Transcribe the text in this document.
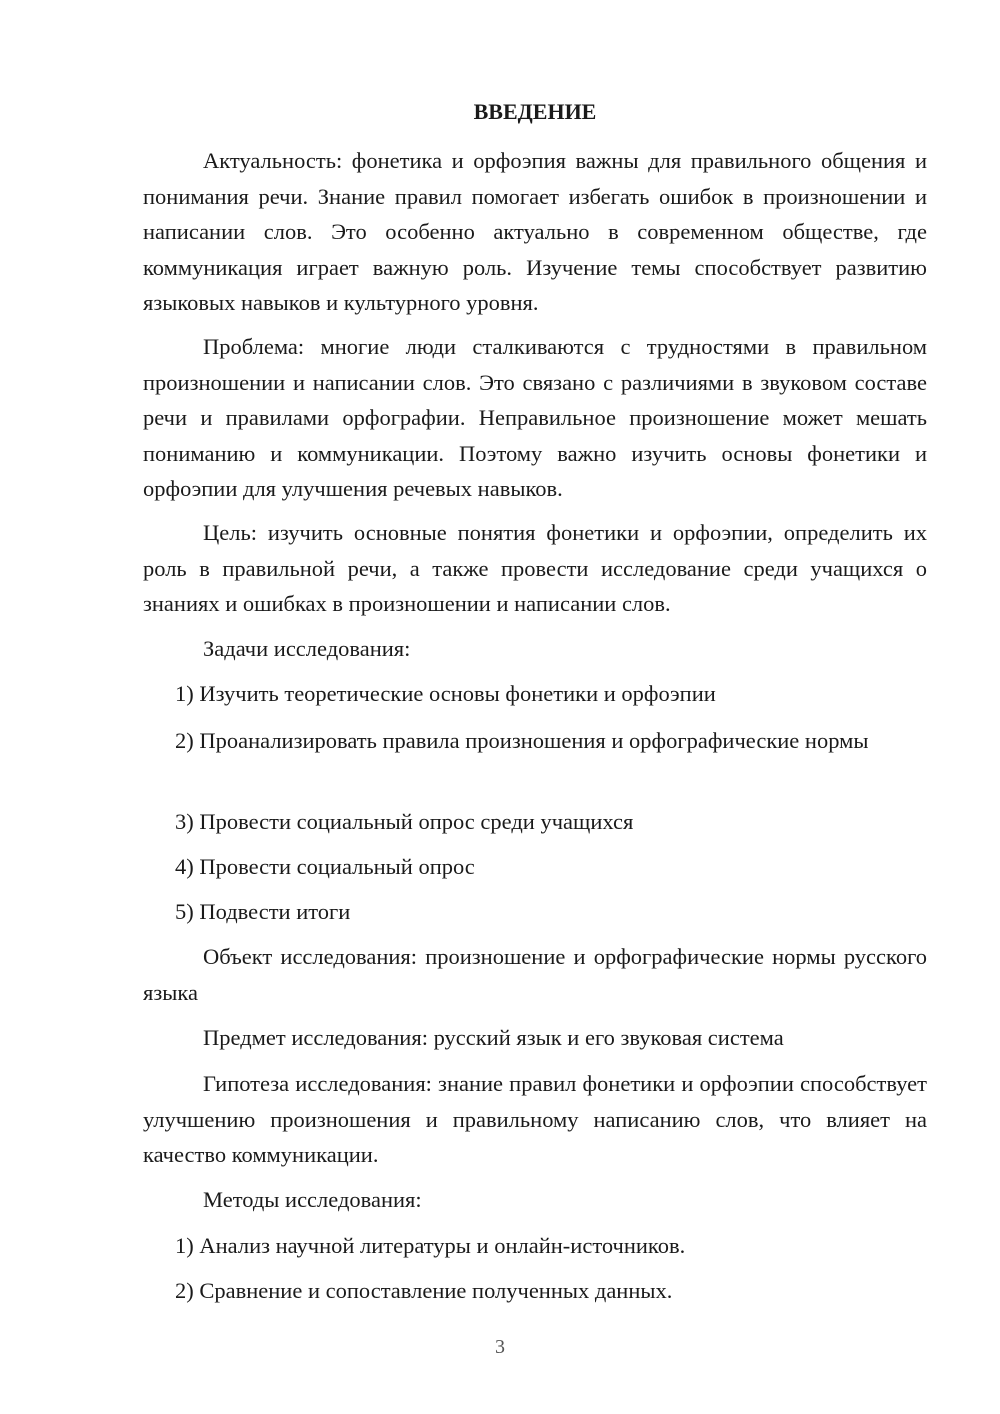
ВВЕДЕНИЕ

Актуальность: фонетика и орфоэпия важны для правильного общения и понимания речи. Знание правил помогает избегать ошибок в произношении и написании слов. Это особенно актуально в современном обществе, где коммуникация играет важную роль. Изучение темы способствует развитию языковых навыков и культурного уровня.

Проблема: многие люди сталкиваются с трудностями в правильном произношении и написании слов. Это связано с различиями в звуковом составе речи и правилами орфографии. Неправильное произношение может мешать пониманию и коммуникации. Поэтому важно изучить основы фонетики и орфоэпии для улучшения речевых навыков.

Цель: изучить основные понятия фонетики и орфоэпии, определить их роль в правильной речи, а также провести исследование среди учащихся о знаниях и ошибках в произношении и написании слов.

Задачи исследования:

1) Изучить теоретические основы фонетики и орфоэпии

2) Проанализировать правила произношения и орфографические нормы

3) Провести социальный опрос среди учащихся

4) Провести социальный опрос

5) Подвести итоги

Объект исследования: произношение и орфографические нормы русского языка

Предмет исследования: русский язык и его звуковая система

Гипотеза исследования: знание правил фонетики и орфоэпии способствует улучшению произношения и правильному написанию слов, что влияет на качество коммуникации.

Методы исследования:

1) Анализ научной литературы и онлайн-источников.

2) Сравнение и сопоставление полученных данных.

3
